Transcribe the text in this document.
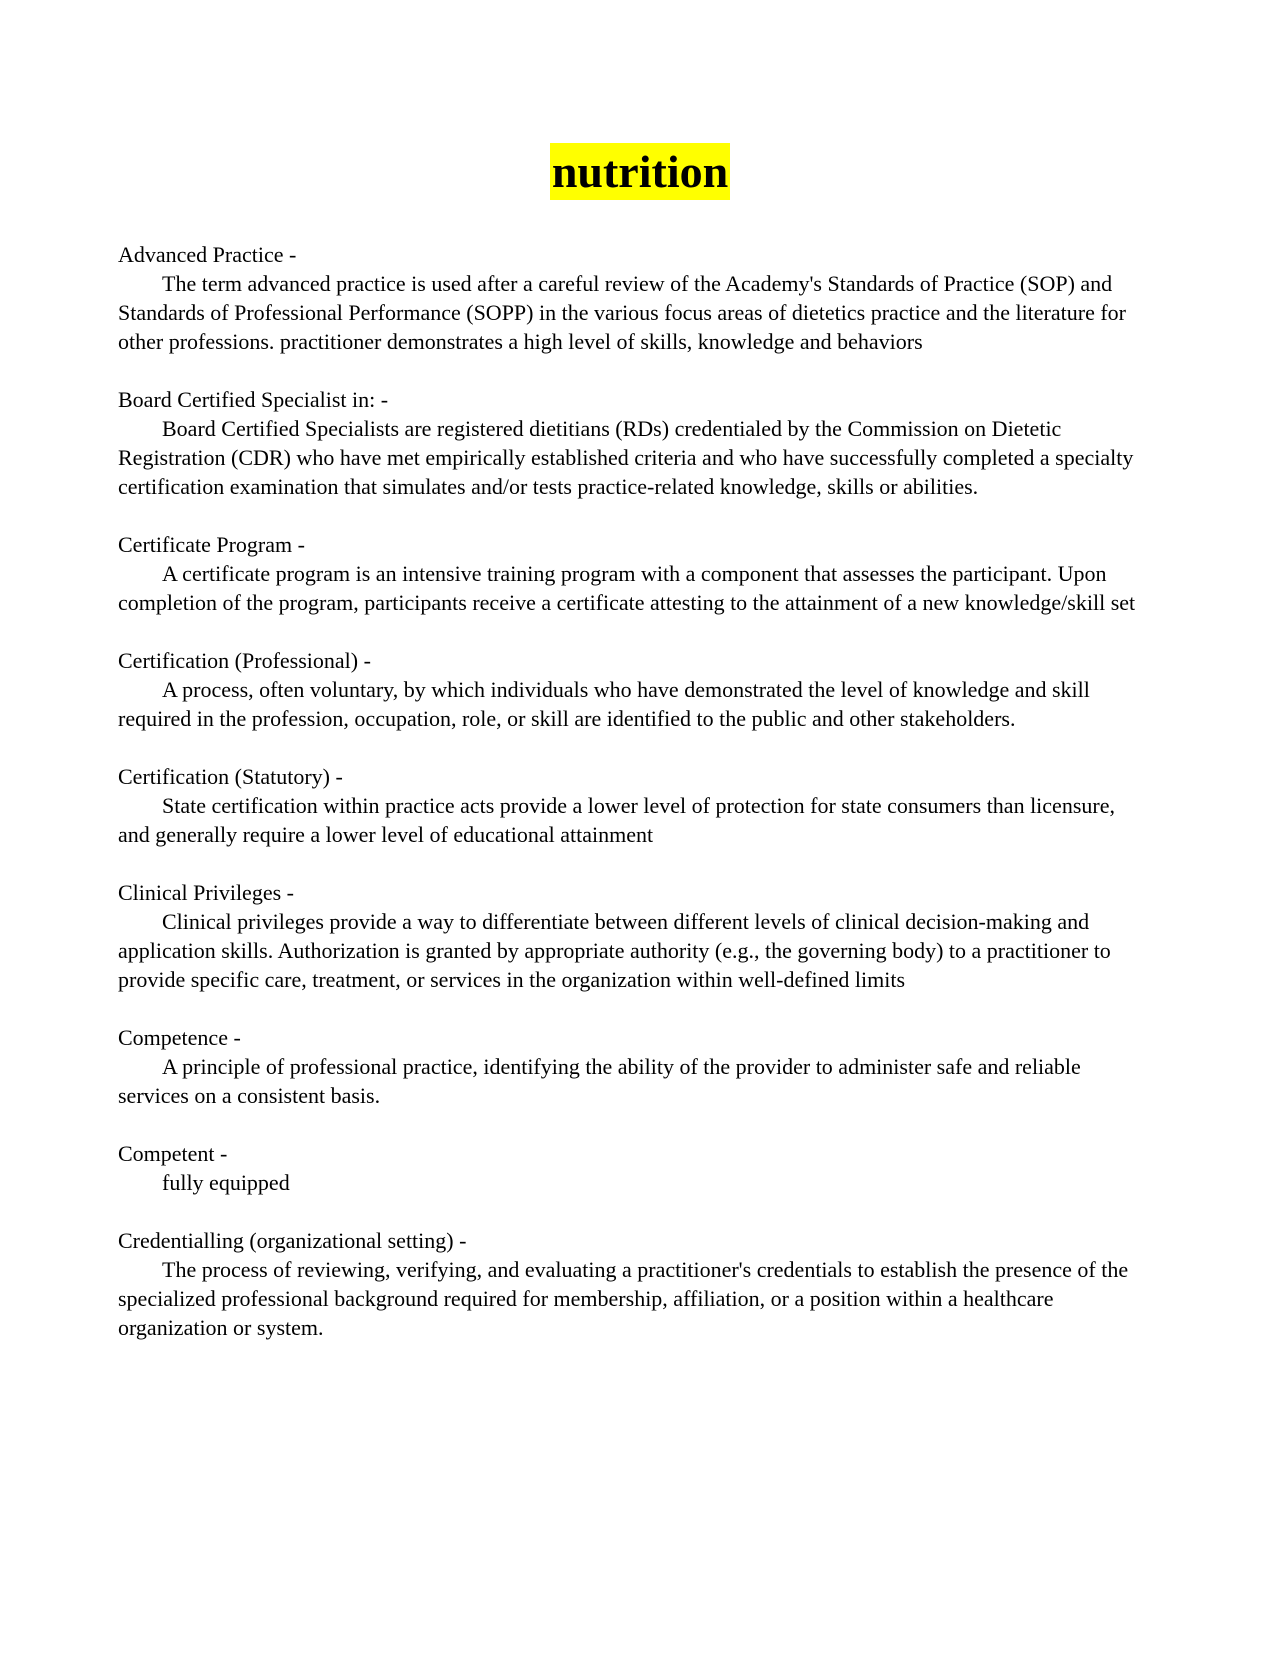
nutrition

Advanced Practice -

The term advanced practice is used after a careful review of the Academy's Standards of Practice (SOP) and Standards of Professional Performance (SOPP) in the various focus areas of dietetics practice and the literature for other professions. practitioner demonstrates a high level of skills, knowledge and behaviors

Board Certified Specialist in: -

Board Certified Specialists are registered dietitians (RDs) credentialed by the Commission on Dietetic Registration (CDR) who have met empirically established criteria and who have successfully completed a specialty certification examination that simulates and/or tests practice-related knowledge, skills or abilities.

Certificate Program -

A certificate program is an intensive training program with a component that assesses the participant. Upon completion of the program, participants receive a certificate attesting to the attainment of a new knowledge/skill set

Certification (Professional) -

A process, often voluntary, by which individuals who have demonstrated the level of knowledge and skill required in the profession, occupation, role, or skill are identified to the public and other stakeholders.

Certification (Statutory) -

State certification within practice acts provide a lower level of protection for state consumers than licensure, and generally require a lower level of educational attainment

Clinical Privileges -

Clinical privileges provide a way to differentiate between different levels of clinical decision-making and application skills. Authorization is granted by appropriate authority (e.g., the governing body) to a practitioner to provide specific care, treatment, or services in the organization within well-defined limits

Competence -

A principle of professional practice, identifying the ability of the provider to administer safe and reliable services on a consistent basis.

Competent -

fully equipped

Credentialling (organizational setting) -

The process of reviewing, verifying, and evaluating a practitioner's credentials to establish the presence of the specialized professional background required for membership, affiliation, or a position within a healthcare organization or system.
